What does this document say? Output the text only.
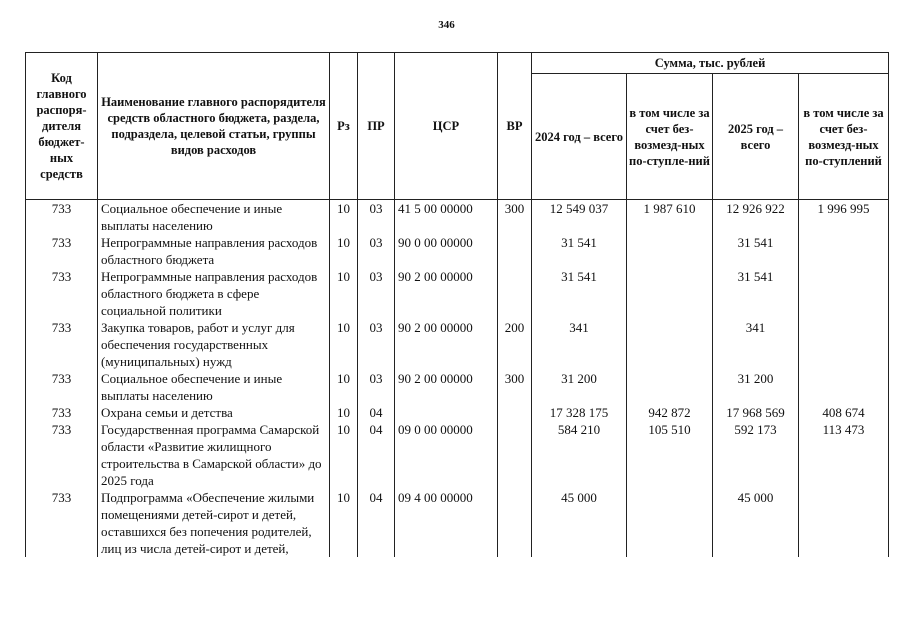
346
Код главного распоря-дителя бюджет-ных средств	Наименование главного распорядителя средств областного бюджета, раздела, подраздела, целевой статьи, группы видов расходов	Рз	ПР	ЦСР	ВР	Сумма, тыс. рублей			
						2024 год – всего	в том числе за счет без-возмезд-ных по-ступле-ний	2025 год – всего	в том числе за счет без-возмезд-ных по-ступлений
733	Социальное обеспечение и иные выплаты населению	10	03	41 5 00 00000	300	12 549 037	1 987 610	12 926 922	1 996 995
733	Непрограммные направления расходов областного бюджета	10	03	90 0 00 00000		31 541		31 541	
733	Непрограммные направления расходов областного бюджета в сфере социальной политики	10	03	90 2 00 00000		31 541		31 541	
733	Закупка товаров, работ и услуг для обеспечения государственных (муниципальных) нужд	10	03	90 2 00 00000	200	341		341	
733	Социальное обеспечение и иные выплаты населению	10	03	90 2 00 00000	300	31 200		31 200	
733	Охрана семьи и детства	10	04			17 328 175	942 872	17 968 569	408 674
733	Государственная программа Самарской области «Развитие жилищного строительства в Самарской области» до 2025 года	10	04	09 0 00 00000		584 210	105 510	592 173	113 473
733	Подпрограмма «Обеспечение жилыми помещениями детей-сирот и детей, оставшихся без попечения родителей, лиц из числа детей-сирот и детей,	10	04	09 4 00 00000		45 000		45 000	
